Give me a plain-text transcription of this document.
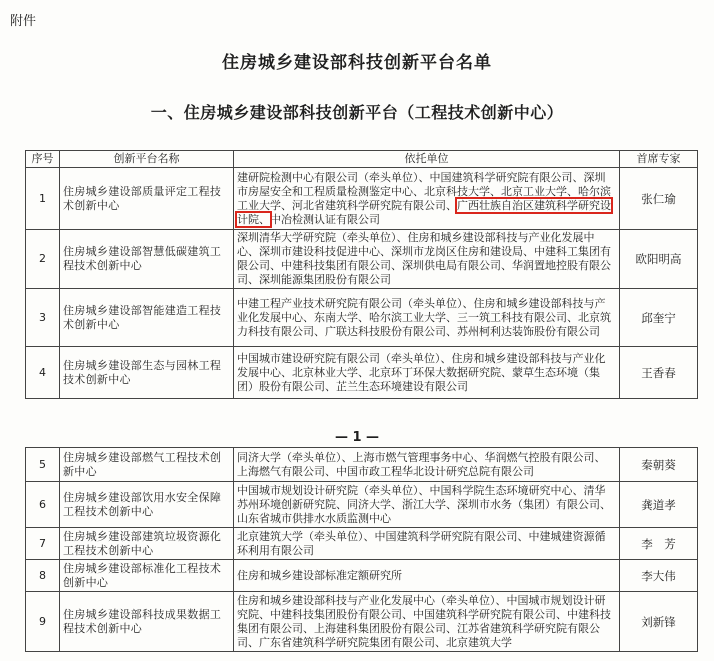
附件
住房城乡建设部科技创新平台名单
一、住房城乡建设部科技创新平台（工程技术创新中心）
序号	创新平台名称	依托单位	首席专家
1	住房城乡建设部质量评定工程技术创新中心	建研院检测中心有限公司（牵头单位）、中国建筑科学研究院有限公司、深圳市房屋安全和工程质量检测鉴定中心、北京科技大学、北京工业大学、哈尔滨工业大学、河北省建筑科学研究院有限公司、广西壮族自治区建筑科学研究设计院、中冶检测认证有限公司	张仁瑜
2	住房城乡建设部智慧低碳建筑工程技术创新中心	深圳清华大学研究院（牵头单位）、住房和城乡建设部科技与产业化发展中心、深圳市建设科技促进中心、深圳市龙岗区住房和建设局、中建科工集团有限公司、中建科技集团有限公司、深圳供电局有限公司、华润置地控股有限公司、深圳能源集团股份有限公司	欧阳明高
3	住房城乡建设部智能建造工程技术创新中心	中建工程产业技术研究院有限公司（牵头单位）、住房和城乡建设部科技与产业化发展中心、东南大学、哈尔滨工业大学、三一筑工科技有限公司、北京筑力科技有限公司、广联达科技股份有限公司、苏州柯利达装饰股份有限公司	邱奎宁
4	住房城乡建设部生态与园林工程技术创新中心	中国城市建设研究院有限公司（牵头单位）、住房和城乡建设部科技与产业化发展中心、北京林业大学、北京环丁环保大数据研究院、蒙草生态环境（集团）股份有限公司、芷兰生态环境建设有限公司	王香春
— 1 —
5	住房城乡建设部燃气工程技术创新中心	同济大学（牵头单位）、上海市燃气管理事务中心、华润燃气控股有限公司、上海燃气有限公司、中国市政工程华北设计研究总院有限公司	秦朝葵
6	住房城乡建设部饮用水安全保障工程技术创新中心	中国城市规划设计研究院（牵头单位）、中国科学院生态环境研究中心、清华苏州环境创新研究院、同济大学、浙江大学、深圳市水务（集团）有限公司、山东省城市供排水水质监测中心	龚道孝
7	住房城乡建设部建筑垃圾资源化工程技术创新中心	北京建筑大学（牵头单位）、中国建筑科学研究院有限公司、中建城建资源循环利用有限公司	李　芳
8	住房城乡建设部标准化工程技术创新中心	住房和城乡建设部标准定额研究所	李大伟
9	住房城乡建设部科技成果数据工程技术创新中心	住房和城乡建设部科技与产业化发展中心（牵头单位）、中国城市规划设计研究院、中建科技集团股份有限公司、中国建筑科学研究院有限公司、中建科技集团有限公司、上海建科集团股份有限公司、江苏省建筑科学研究院有限公司、广东省建筑科学研究院集团有限公司、北京建筑大学	刘新锋
